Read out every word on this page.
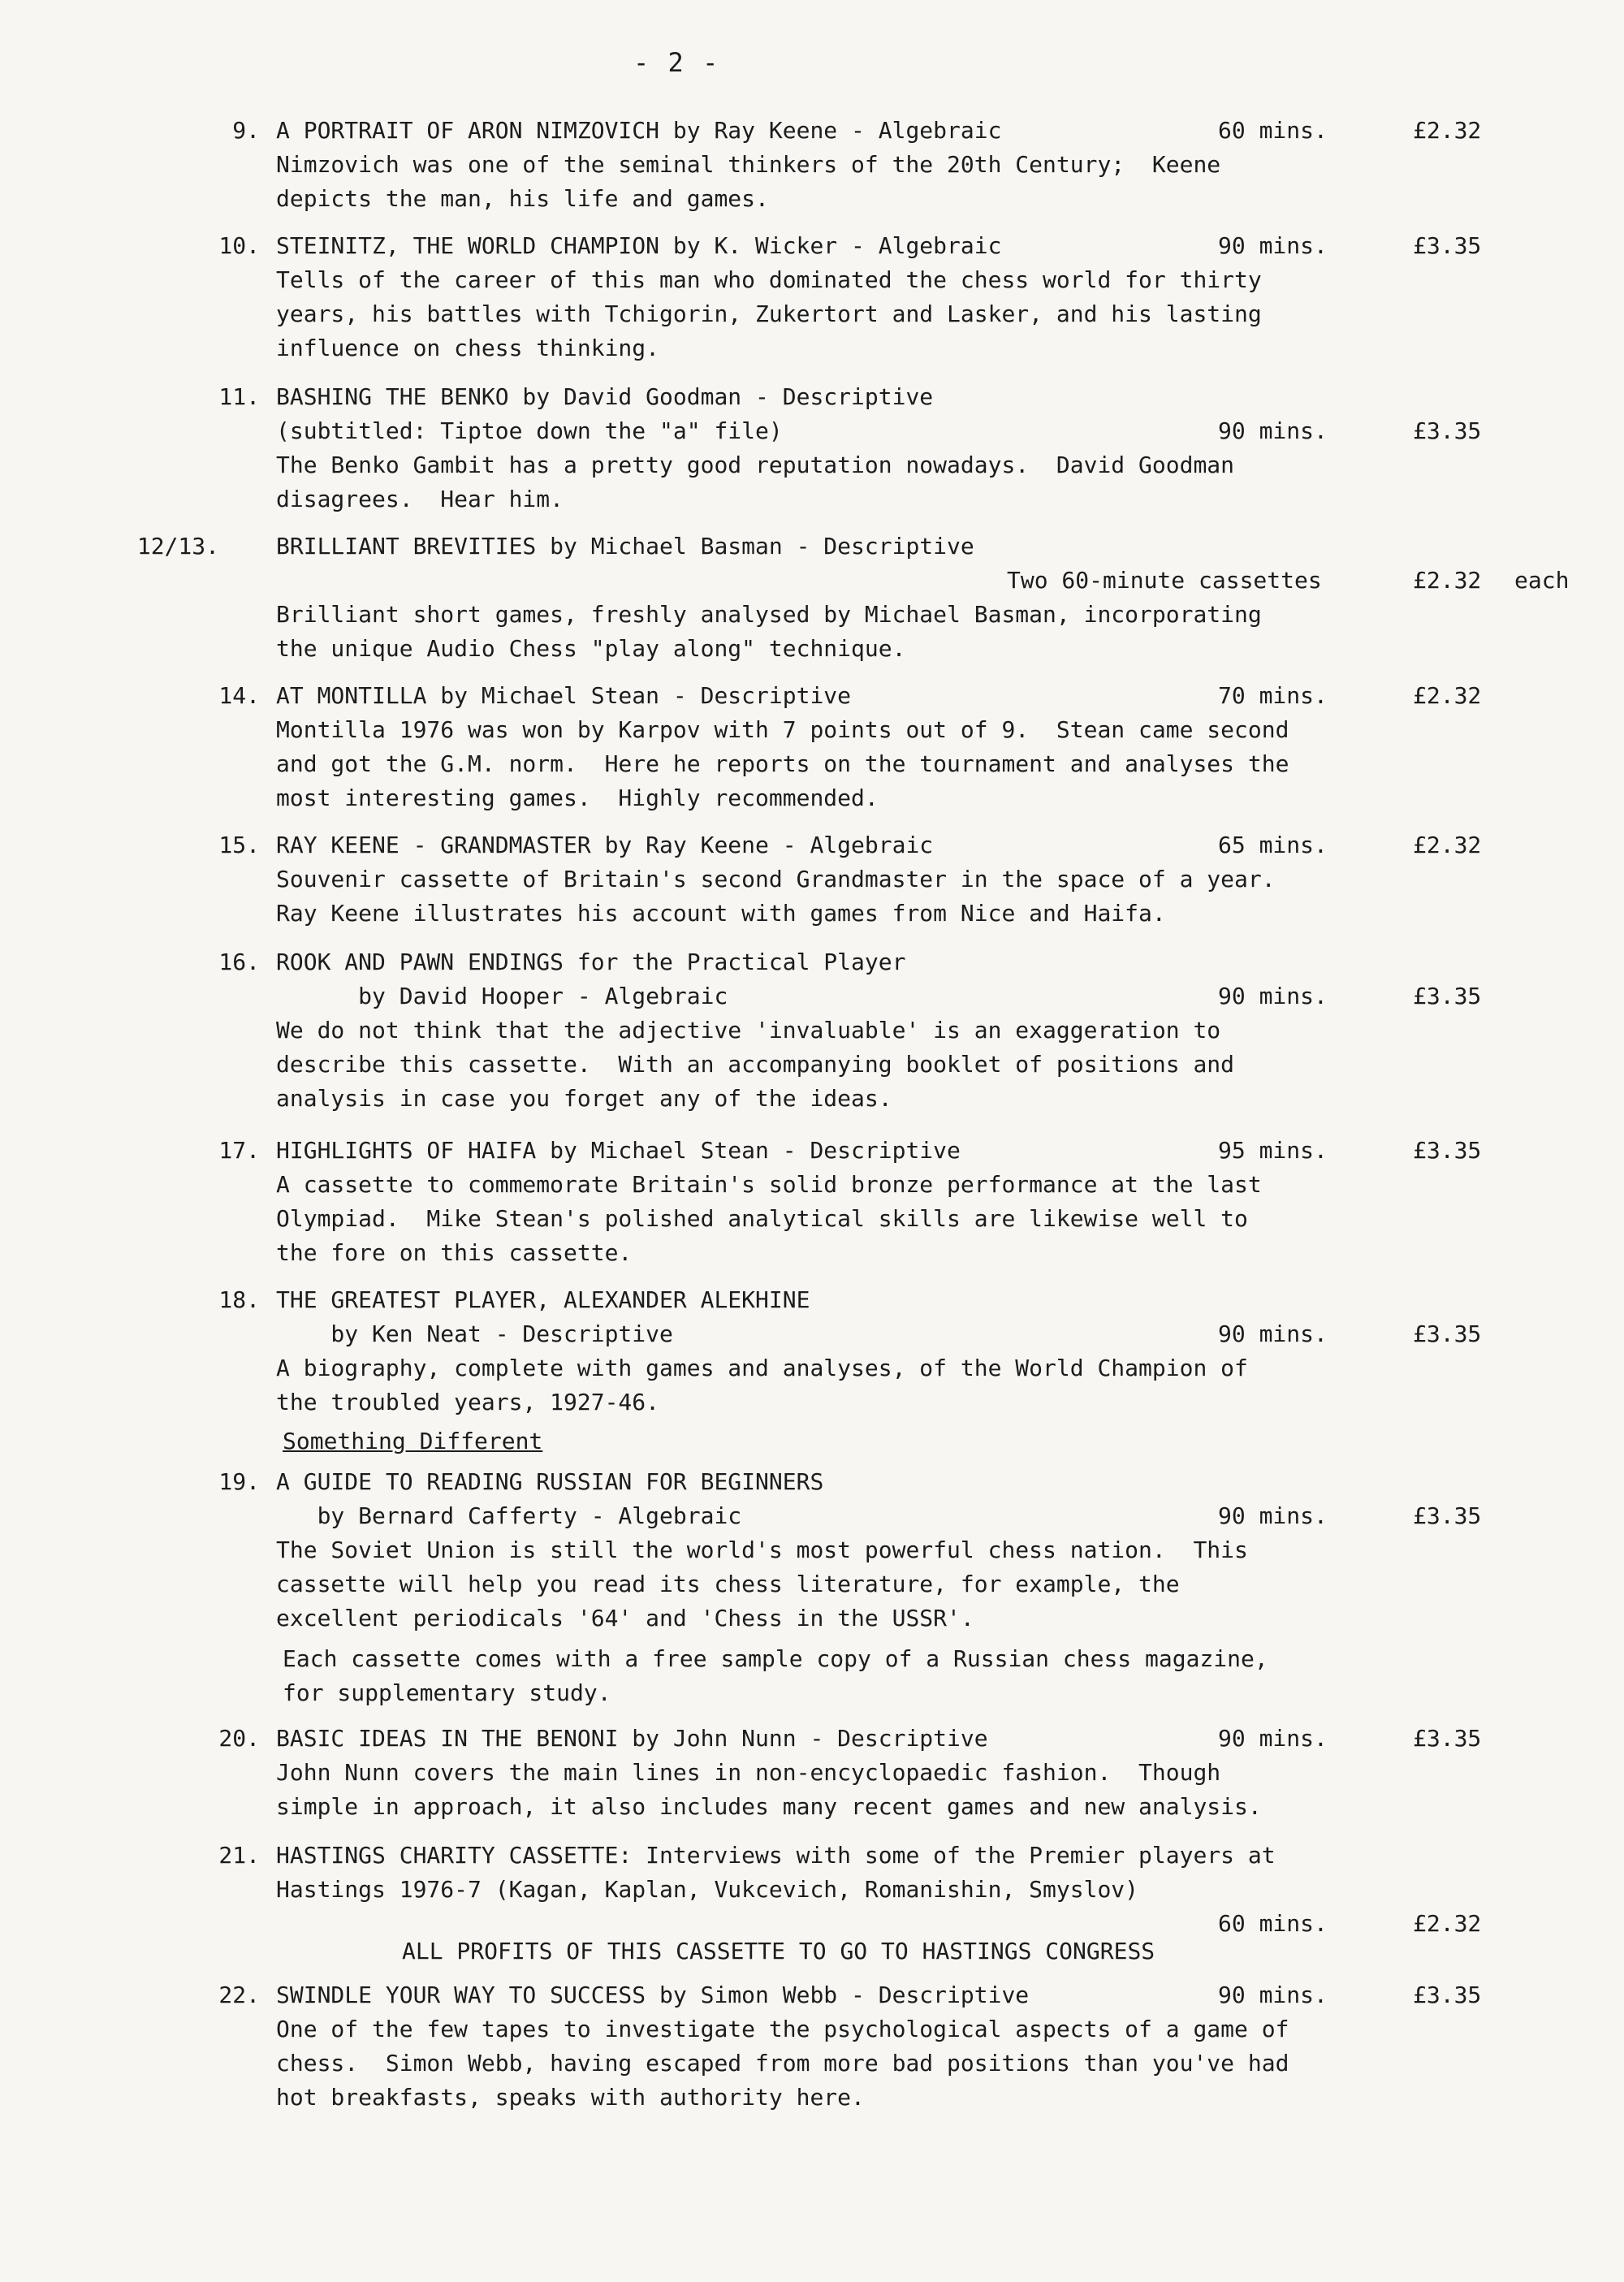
- 2 -
9. A PORTRAIT OF ARON NIMZOVICH by Ray Keene - Algebraic	60 mins.	£2.32
Nimzovich was one of the seminal thinkers of the 20th Century;  Keene
depicts the man, his life and games.
10. STEINITZ, THE WORLD CHAMPION by K. Wicker - Algebraic	90 mins.	£3.35
Tells of the career of this man who dominated the chess world for thirty
years, his battles with Tchigorin, Zukertort and Lasker, and his lasting
influence on chess thinking.
11. BASHING THE BENKO by David Goodman - Descriptive
(subtitled: Tiptoe down the "a" file)	90 mins.	£3.35
The Benko Gambit has a pretty good reputation nowadays.  David Goodman
disagrees.  Hear him.
12/13.	BRILLIANT BREVITIES by Michael Basman - Descriptive
Two 60-minute cassettes	£2.32 each
Brilliant short games, freshly analysed by Michael Basman, incorporating
the unique Audio Chess "play along" technique.
14. AT MONTILLA by Michael Stean - Descriptive	70 mins.	£2.32
Montilla 1976 was won by Karpov with 7 points out of 9.  Stean came second
and got the G.M. norm.  Here he reports on the tournament and analyses the
most interesting games.  Highly recommended.
15. RAY KEENE - GRANDMASTER by Ray Keene - Algebraic	65 mins.	£2.32
Souvenir cassette of Britain's second Grandmaster in the space of a year.
Ray Keene illustrates his account with games from Nice and Haifa.
16. ROOK AND PAWN ENDINGS for the Practical Player
by David Hooper - Algebraic	90 mins.	£3.35
We do not think that the adjective 'invaluable' is an exaggeration to
describe this cassette.  With an accompanying booklet of positions and
analysis in case you forget any of the ideas.
17. HIGHLIGHTS OF HAIFA by Michael Stean - Descriptive	95 mins.	£3.35
A cassette to commemorate Britain's solid bronze performance at the last
Olympiad.  Mike Stean's polished analytical skills are likewise well to
the fore on this cassette.
18. THE GREATEST PLAYER, ALEXANDER ALEKHINE
by Ken Neat - Descriptive	90 mins.	£3.35
A biography, complete with games and analyses, of the World Champion of
the troubled years, 1927-46.
19. A GUIDE TO READING RUSSIAN FOR BEGINNERS
by Bernard Cafferty - Algebraic	90 mins.	£3.35
The Soviet Union is still the world's most powerful chess nation.  This
cassette will help you read its chess literature, for example, the
excellent periodicals '64' and 'Chess in the USSR'.
20. BASIC IDEAS IN THE BENONI by John Nunn - Descriptive	90 mins.	£3.35
John Nunn covers the main lines in non-encyclopaedic fashion.  Though
simple in approach, it also includes many recent games and new analysis.
21. HASTINGS CHARITY CASSETTE: Interviews with some of the Premier players at
Hastings 1976-7 (Kagan, Kaplan, Vukcevich, Romanishin, Smyslov)
60 mins.	£2.32
22. SWINDLE YOUR WAY TO SUCCESS by Simon Webb - Descriptive	90 mins.	£3.35
One of the few tapes to investigate the psychological aspects of a game of
chess.  Simon Webb, having escaped from more bad positions than you've had
hot breakfasts, speaks with authority here.
Something Different
Each cassette comes with a free sample copy of a Russian chess magazine,
for supplementary study.
ALL PROFITS OF THIS CASSETTE TO GO TO HASTINGS CONGRESS
